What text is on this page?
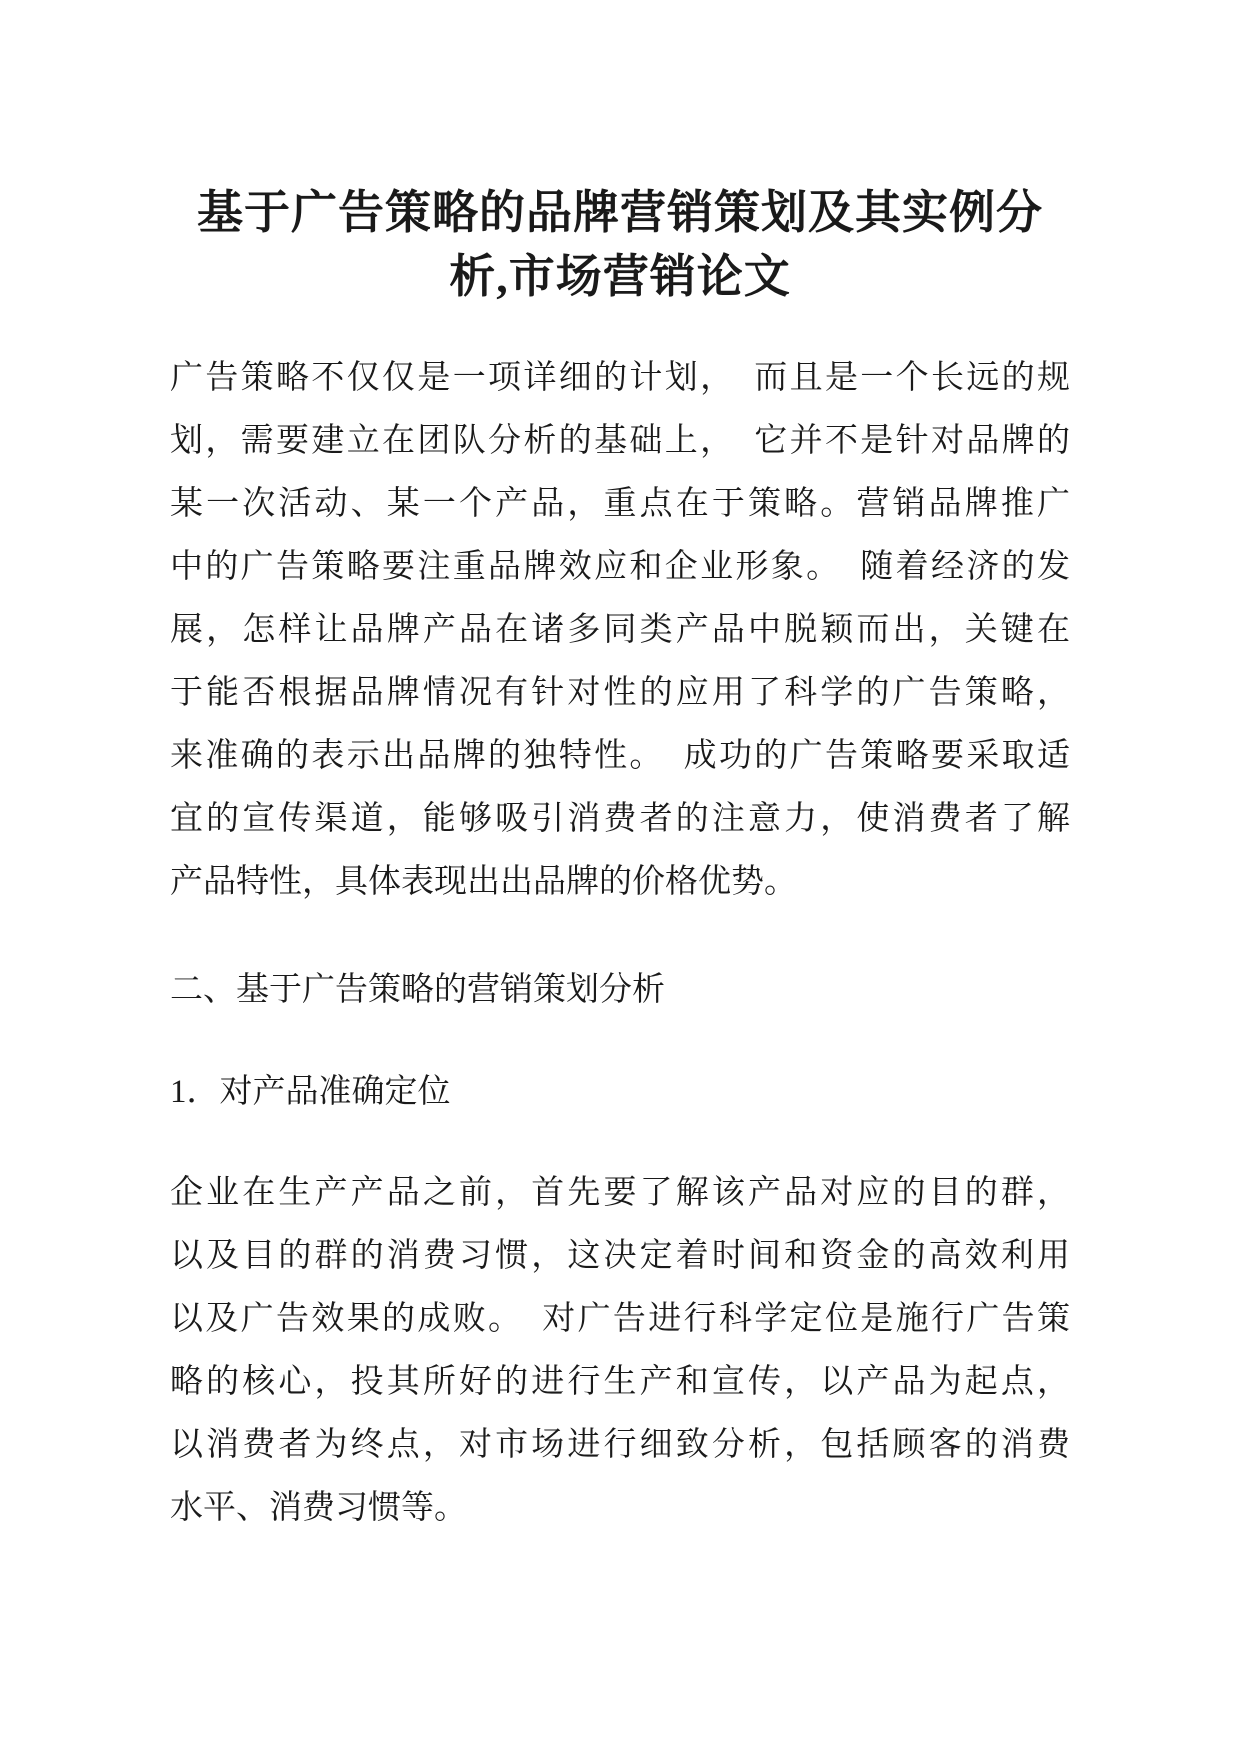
基于广告策略的品牌营销策划及其实例分
析,市场营销论文
广告策略不仅仅是一项详细的计划，　而且是一个长远的规
划，需要建立在团队分析的基础上，　它并不是针对品牌的
某一次活动、某一个产品，重点在于策略。营销品牌推广
中的广告策略要注重品牌效应和企业形象。　随着经济的发
展，怎样让品牌产品在诸多同类产品中脱颖而出，关键在
于能否根据品牌情况有针对性的应用了科学的广告策略，
来准确的表示出品牌的独特性。　成功的广告策略要采取适
宜的宣传渠道，能够吸引消费者的注意力，使消费者了解
产品特性，具体表现出出品牌的价格优势。
二、基于广告策略的营销策划分析
1．对产品准确定位
企业在生产产品之前，首先要了解该产品对应的目的群，
以及目的群的消费习惯，这决定着时间和资金的高效利用
以及广告效果的成败。　对广告进行科学定位是施行广告策
略的核心，投其所好的进行生产和宣传，以产品为起点，
以消费者为终点，对市场进行细致分析，包括顾客的消费
水平、消费习惯等。
